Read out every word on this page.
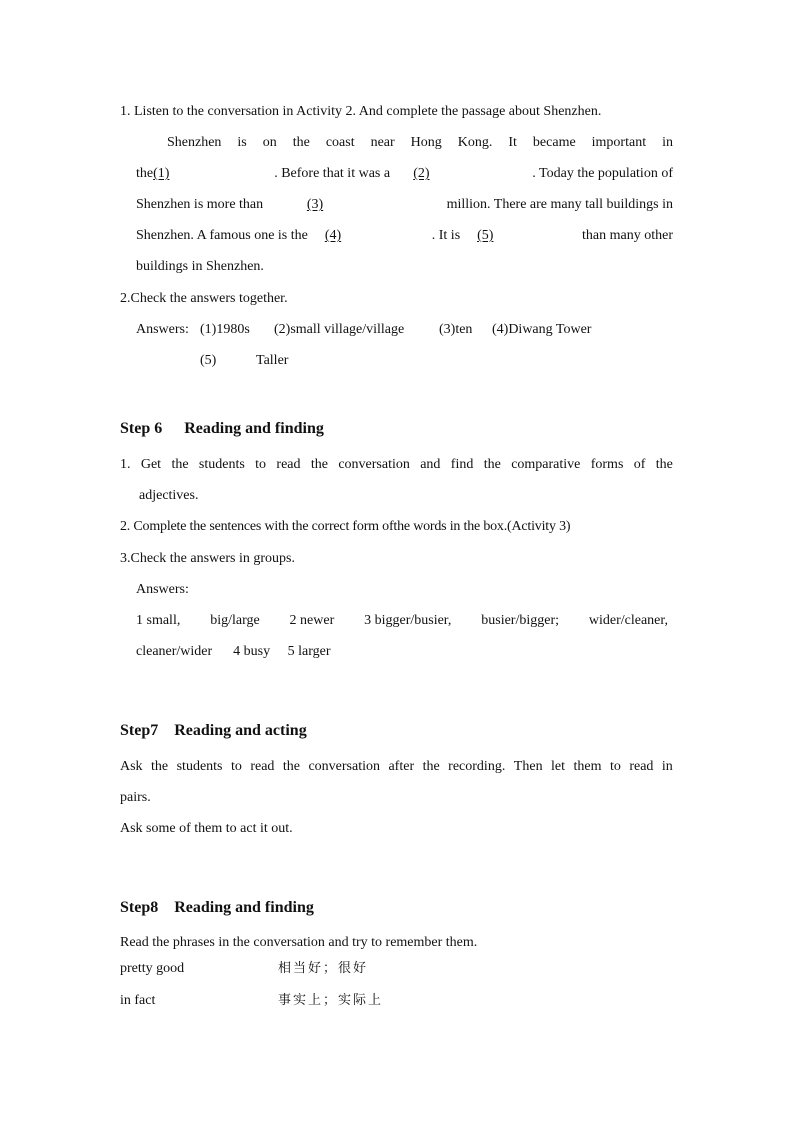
1. Listen to the conversation in Activity 2. And complete the passage about Shenzhen.
Shenzhen is on the coast near Hong Kong. It became important in
the(1)	. Before that it was a (2)	. Today the population of
Shenzhen is more than	(3)	million. There are many tall buildings in
Shenzhen. A famous one is the (4)	. It is (5)	than many other
buildings in Shenzhen.
2.Check the answers together.
Answers: (1)1980s (2)small village/village (3)ten (4)Diwang Tower
(5)	Taller
Step 6 Reading and finding
1. Get the students to read the conversation and find the comparative forms of the
adjectives.
2. Complete the sentences with the correct form ofthe words in the box.(Activity 3)
3.Check the answers in groups.
Answers:
1 small, big/large 2 newer 3 bigger/busier, busier/bigger; wider/cleaner,
cleaner/wider      4 busy     5 larger
Step7 Reading and acting
Ask the students to read the conversation after the recording. Then let them to read in
pairs.
Ask some of them to act it out.
Step8 Reading and finding
Read the phrases in the conversation and try to remember them.
pretty good	相当好；很好
in fact	事实上；实际上
